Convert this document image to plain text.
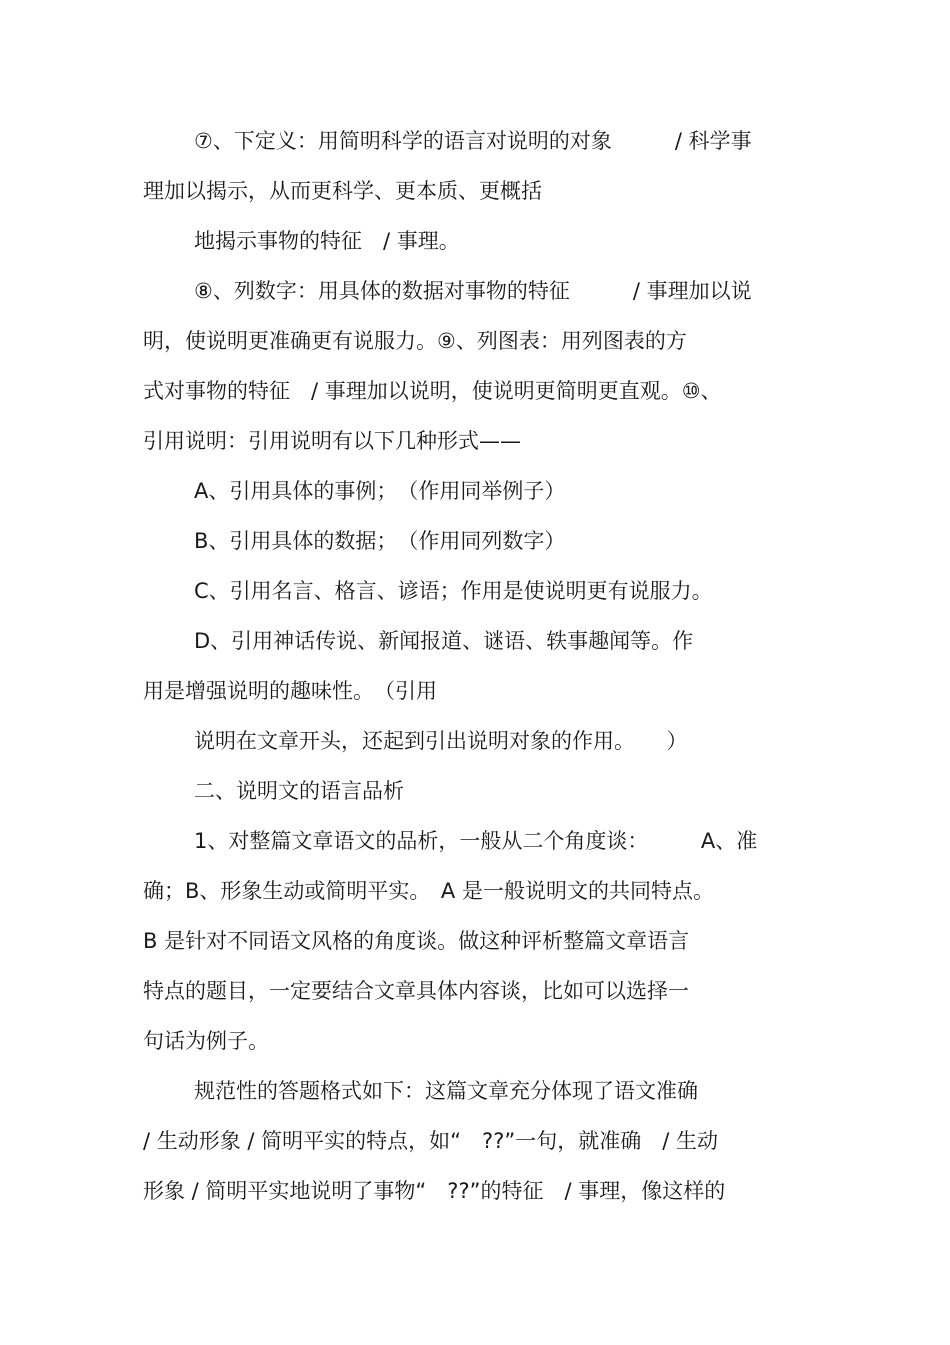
⑦、下定义：用简明科学的语言对说明的对象　　　/ 科学事
理加以揭示，从而更科学、更本质、更概括
地揭示事物的特征　/ 事理。
⑧、列数字：用具体的数据对事物的特征　　　/ 事理加以说
明，使说明更准确更有说服力。⑨、列图表：用列图表的方
式对事物的特征　/ 事理加以说明，使说明更简明更直观。⑩、
引用说明：引用说明有以下几种形式——
A、引用具体的事例；　（作用同举例子）
B、引用具体的数据；　（作用同列数字）
C、引用名言、格言、谚语；作用是使说明更有说服力。
D、引用神话传说、新闻报道、谜语、轶事趣闻等。作
用是增强说明的趣味性。　（引用
说明在文章开头，还起到引出说明对象的作用。　　）
二、说明文的语言品析
1、对整篇文章语文的品析，一般从二个角度谈：　　　A、准
确；B、形象生动或简明平实。　A 是一般说明文的共同特点。
B 是针对不同语文风格的角度谈。做这种评析整篇文章语言
特点的题目，一定要结合文章具体内容谈，比如可以选择一
句话为例子。
规范性的答题格式如下：这篇文章充分体现了语文准确
/ 生动形象 / 简明平实的特点，如“　??”一句，就准确　/ 生动
形象 / 简明平实地说明了事物“　??”的特征　/ 事理，像这样的
